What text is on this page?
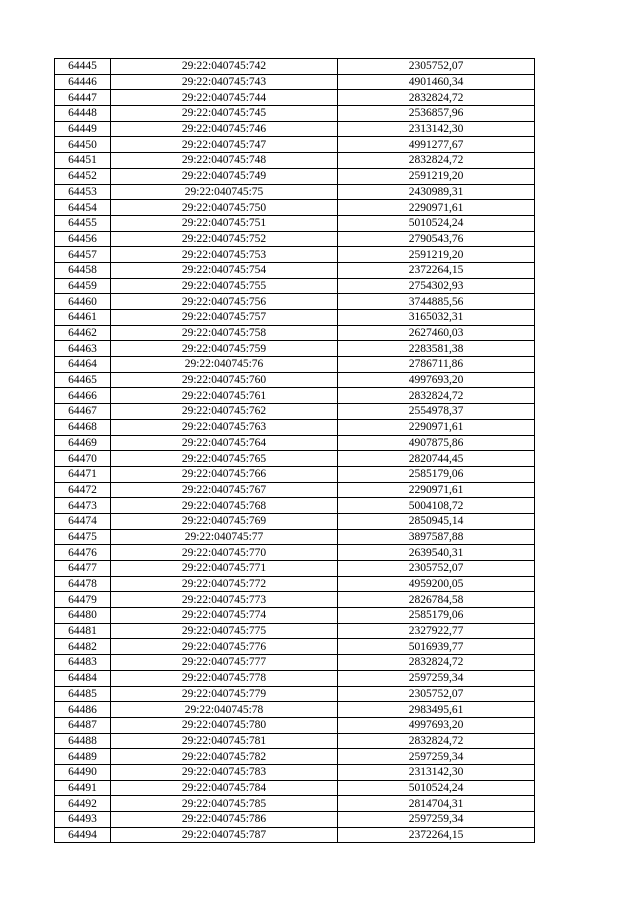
64445	29:22:040745:742	2305752,07
64446	29:22:040745:743	4901460,34
64447	29:22:040745:744	2832824,72
64448	29:22:040745:745	2536857,96
64449	29:22:040745:746	2313142,30
64450	29:22:040745:747	4991277,67
64451	29:22:040745:748	2832824,72
64452	29:22:040745:749	2591219,20
64453	29:22:040745:75	2430989,31
64454	29:22:040745:750	2290971,61
64455	29:22:040745:751	5010524,24
64456	29:22:040745:752	2790543,76
64457	29:22:040745:753	2591219,20
64458	29:22:040745:754	2372264,15
64459	29:22:040745:755	2754302,93
64460	29:22:040745:756	3744885,56
64461	29:22:040745:757	3165032,31
64462	29:22:040745:758	2627460,03
64463	29:22:040745:759	2283581,38
64464	29:22:040745:76	2786711,86
64465	29:22:040745:760	4997693,20
64466	29:22:040745:761	2832824,72
64467	29:22:040745:762	2554978,37
64468	29:22:040745:763	2290971,61
64469	29:22:040745:764	4907875,86
64470	29:22:040745:765	2820744,45
64471	29:22:040745:766	2585179,06
64472	29:22:040745:767	2290971,61
64473	29:22:040745:768	5004108,72
64474	29:22:040745:769	2850945,14
64475	29:22:040745:77	3897587,88
64476	29:22:040745:770	2639540,31
64477	29:22:040745:771	2305752,07
64478	29:22:040745:772	4959200,05
64479	29:22:040745:773	2826784,58
64480	29:22:040745:774	2585179,06
64481	29:22:040745:775	2327922,77
64482	29:22:040745:776	5016939,77
64483	29:22:040745:777	2832824,72
64484	29:22:040745:778	2597259,34
64485	29:22:040745:779	2305752,07
64486	29:22:040745:78	2983495,61
64487	29:22:040745:780	4997693,20
64488	29:22:040745:781	2832824,72
64489	29:22:040745:782	2597259,34
64490	29:22:040745:783	2313142,30
64491	29:22:040745:784	5010524,24
64492	29:22:040745:785	2814704,31
64493	29:22:040745:786	2597259,34
64494	29:22:040745:787	2372264,15
